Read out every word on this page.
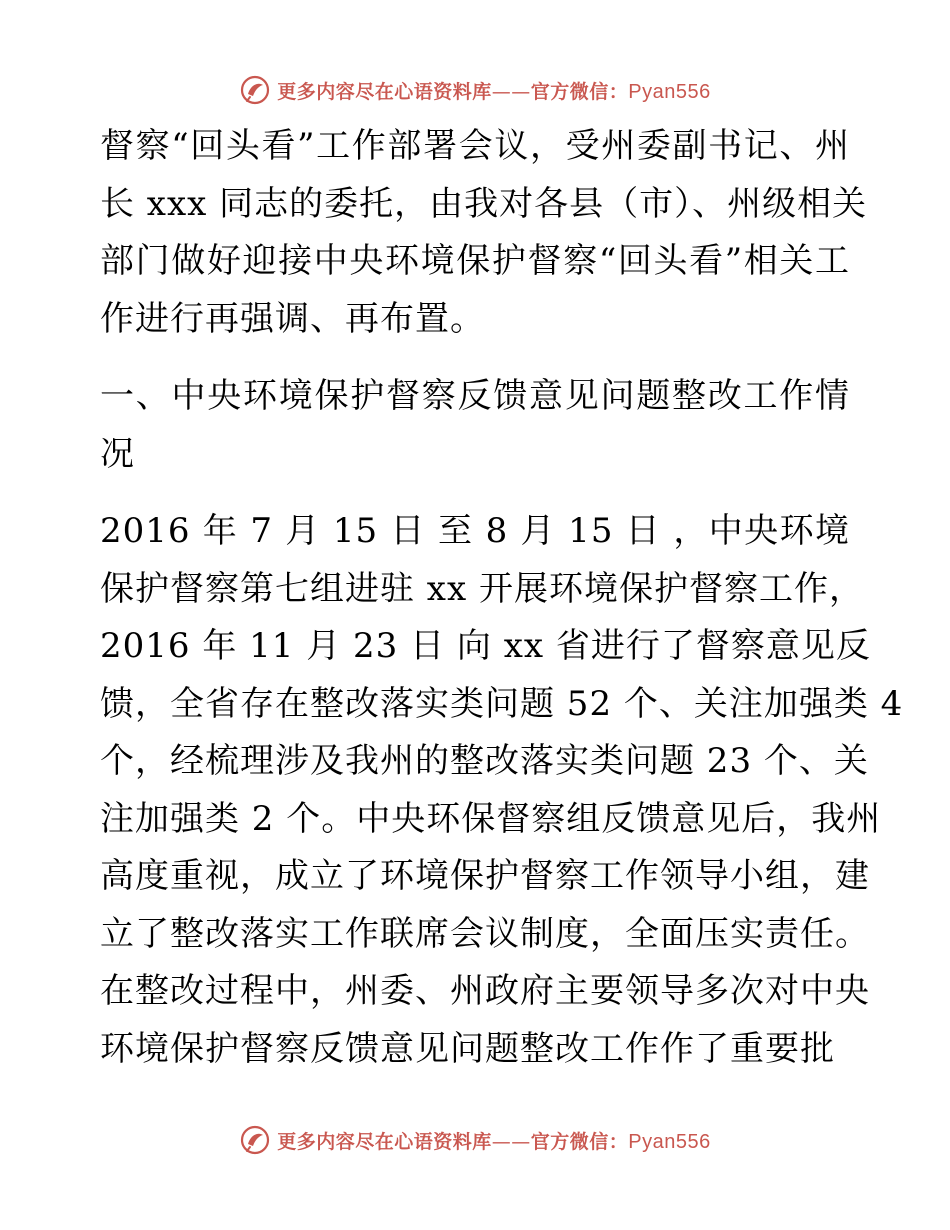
更多内容尽在心语资料库——官方微信：Pyan556
督察“回头看”工作部署会议，受州委副书记、州
长 xxx 同志的委托，由我对各县（市）、州级相关
部门做好迎接中央环境保护督察“回头看”相关工
作进行再强调、再布置。
一、中央环境保护督察反馈意见问题整改工作情
况
2016 年 7 月 15 日 至 8 月 15 日 ，中央环境
保护督察第七组进驻 xx 开展环境保护督察工作，
2016 年 11 月 23 日 向 xx 省进行了督察意见反
馈，全省存在整改落实类问题 52 个、关注加强类 4
个，经梳理涉及我州的整改落实类问题 23 个、关
注加强类 2 个。中央环保督察组反馈意见后，我州
高度重视，成立了环境保护督察工作领导小组，建
立了整改落实工作联席会议制度，全面压实责任。
在整改过程中，州委、州政府主要领导多次对中央
环境保护督察反馈意见问题整改工作作了重要批
更多内容尽在心语资料库——官方微信：Pyan556
